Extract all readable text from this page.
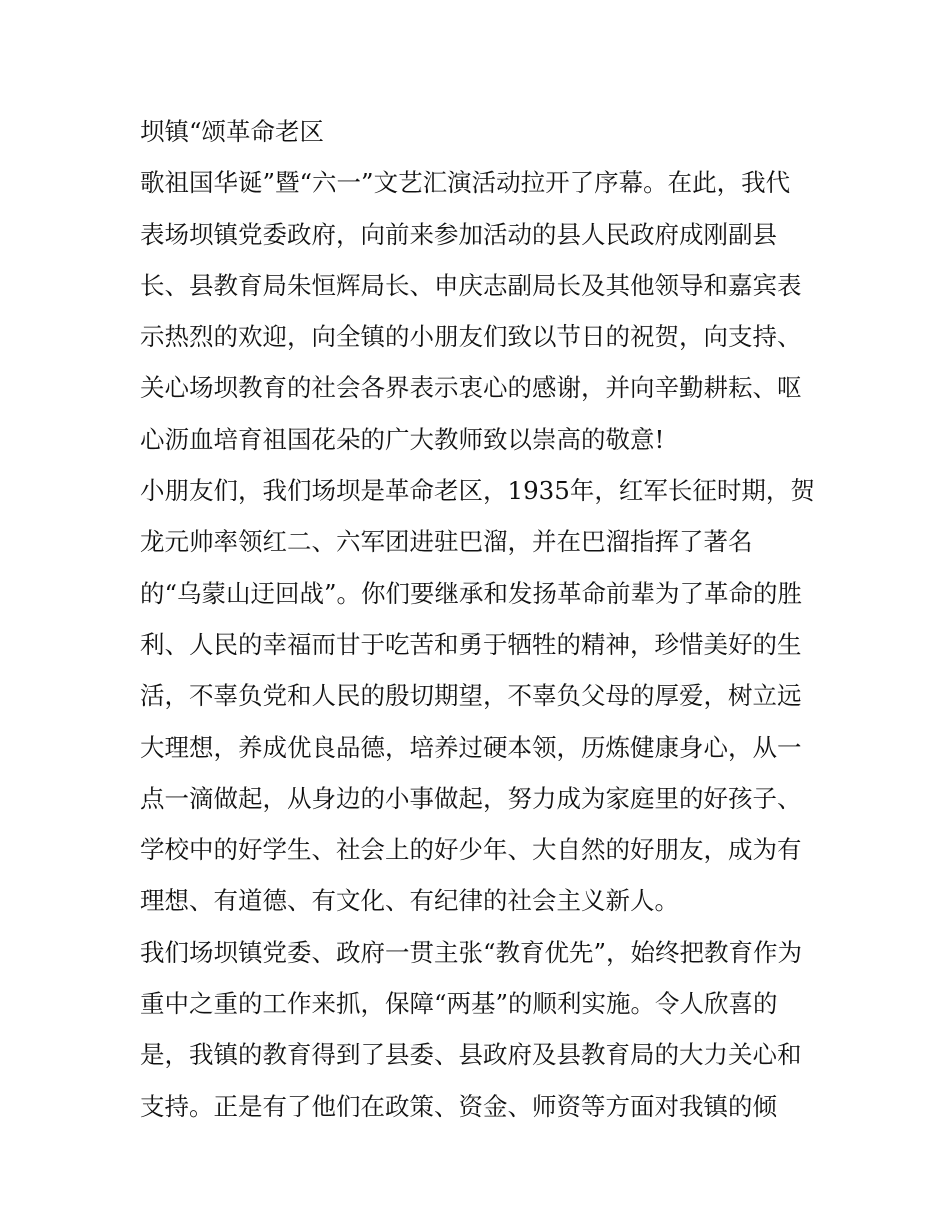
坝镇“颂革命老区
歌祖国华诞”暨“六一”文艺汇演活动拉开了序幕。在此，我代
表场坝镇党委政府，向前来参加活动的县人民政府成刚副县
长、县教育局朱恒辉局长、申庆志副局长及其他领导和嘉宾表
示热烈的欢迎，向全镇的小朋友们致以节日的祝贺，向支持、
关心场坝教育的社会各界表示衷心的感谢，并向辛勤耕耘、呕
心沥血培育祖国花朵的广大教师致以崇高的敬意!
小朋友们，我们场坝是革命老区，1935年，红军长征时期，贺
龙元帅率领红二、六军团进驻巴溜，并在巴溜指挥了著名
的“乌蒙山迂回战”。你们要继承和发扬革命前辈为了革命的胜
利、人民的幸福而甘于吃苦和勇于牺牲的精神，珍惜美好的生
活，不辜负党和人民的殷切期望，不辜负父母的厚爱，树立远
大理想，养成优良品德，培养过硬本领，历炼健康身心，从一
点一滴做起，从身边的小事做起，努力成为家庭里的好孩子、
学校中的好学生、社会上的好少年、大自然的好朋友，成为有
理想、有道德、有文化、有纪律的社会主义新人。
我们场坝镇党委、政府一贯主张“教育优先”，始终把教育作为
重中之重的工作来抓，保障“两基”的顺利实施。令人欣喜的
是，我镇的教育得到了县委、县政府及县教育局的大力关心和
支持。正是有了他们在政策、资金、师资等方面对我镇的倾
